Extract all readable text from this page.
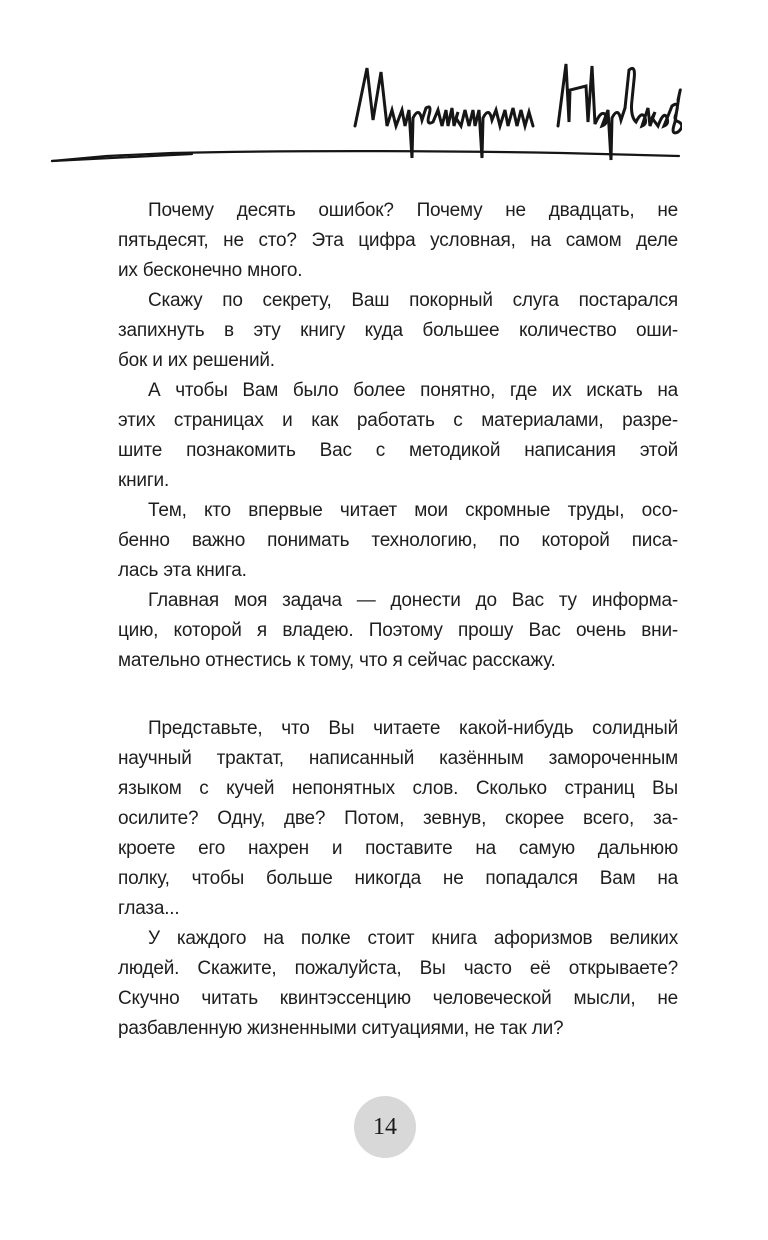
Почему десять ошибок? Почему не двадцать, не
пятьдесят, не сто? Эта цифра условная, на самом деле
их бесконечно много.
Скажу по секрету, Ваш покорный слуга постарался
запихнуть в эту книгу куда большее количество оши-
бок и их решений.
А чтобы Вам было более понятно, где их искать на
этих страницах и как работать с материалами, разре-
шите познакомить Вас с методикой написания этой
книги.
Тем, кто впервые читает мои скромные труды, осо-
бенно важно понимать технологию, по которой писа-
лась эта книга.
Главная моя задача — донести до Вас ту информа-
цию, которой я владею. Поэтому прошу Вас очень вни-
мательно отнестись к тому, что я сейчас расскажу.
Представьте, что Вы читаете какой-нибудь солидный
научный трактат, написанный казённым замороченным
языком с кучей непонятных слов. Сколько страниц Вы
осилите? Одну, две? Потом, зевнув, скорее всего, за-
кроете его нахрен и поставите на самую дальнюю
полку, чтобы больше никогда не попадался Вам на
глаза...
У каждого на полке стоит книга афоризмов великих
людей. Скажите, пожалуйста, Вы часто её открываете?
Скучно читать квинтэссенцию человеческой мысли, не
разбавленную жизненными ситуациями, не так ли?
14
